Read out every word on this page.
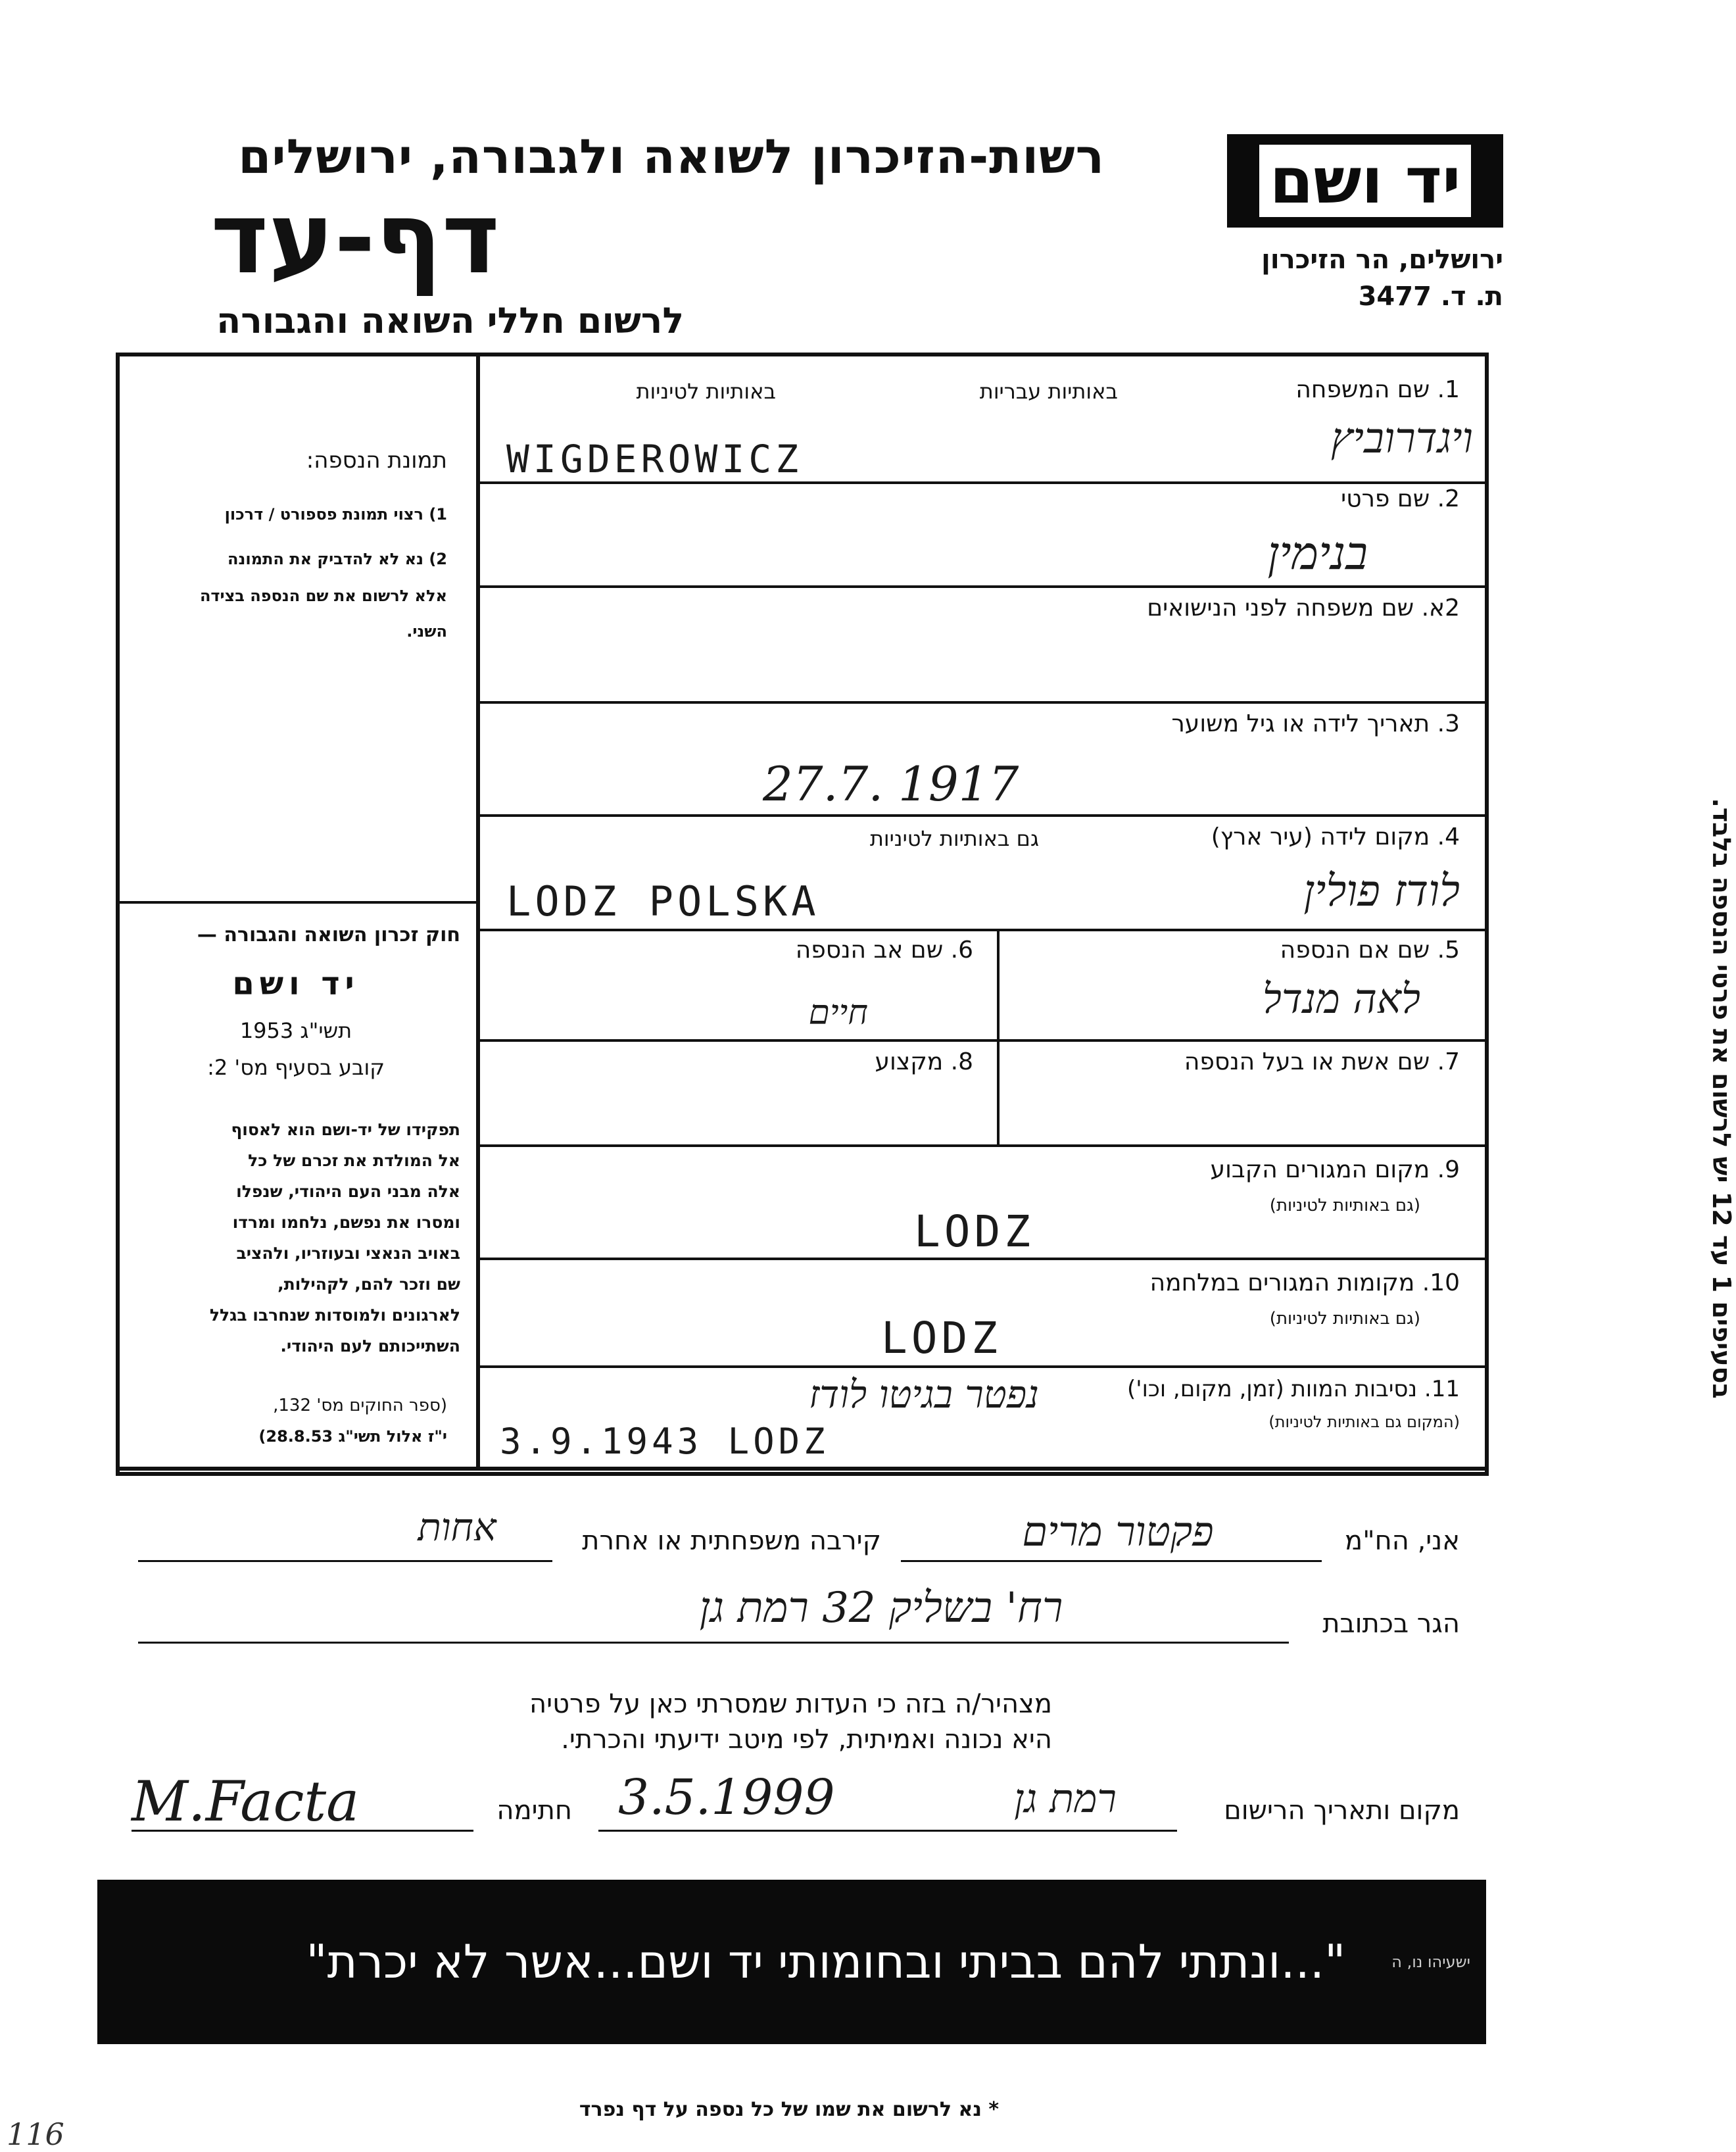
רשות-הזיכרון לשואה ולגבורה, ירושלים
דף-עד
לרשום חללי השואה והגבורה
יד ושם
ירושלים, הר הזיכרון
ת. ד. 3477
תמונת הנספה:
1) רצוי תמונת פספורט / דרכון
2) נא לא להדביק את התמונה
אלא לרשום את שם הנספה בצידה
השני.
חוק זכרון השואה והגבורה —
יד ושם
תשי"ג 1953
קובע בסעיף מס' 2:
תפקידו של יד-ושם הוא לאסוף
אל המולדת את זכרם של כל
אלה מבני העם היהודי, שנפלו
ומסרו את נפשם, נלחמו ומרדו
באויב הנאצי ובעוזריו, ולהציב
שם וזכר להם, לקהילות,
לארגונים ולמוסדות שנחרבו בגלל
השתייכותם לעם היהודי.
(ספר החוקים מס' 132,
י"ז אלול תשי"ג 28.8.53)
1. שם המשפחה
באותיות עבריות
באותיות לטיניות
ויגדרוביץ
WIGDEROWICZ
2. שם פרטי
בנימין
2א. שם משפחה לפני הנישואים
3. תאריך לידה או גיל משוער
27.7. 1917
4. מקום לידה (עיר ארץ)
גם באותיות לטיניות
לודז פולין
LODZ POLSKA
5. שם אם הנספה
לאה מנדל
6. שם אב הנספה
חיים
7. שם אשת או בעל הנספה
8. מקצוע
9. מקום המגורים הקבוע
(גם באותיות לטיניות)
LODZ
10. מקומות המגורים במלחמה
(גם באותיות לטיניות)
LODZ
11. נסיבות המוות (זמן, מקום, וכו')
(המקום גם באותיות לטיניות)
נפטר בגיטו לודז
3.9.1943 LODZ
בסעיפים 1 עד 12 יש לרשום את פרטי הנספה בלבד.
אני, הח"מ
פקטור מרים
קירבה משפחתית או אחרת
אחות
הגר בכתובת
רח' בשליק 32 רמת גן
מצהיר/ה בזה כי העדות שמסרתי כאן על פרטיה
היא נכונה ואמיתית, לפי מיטב ידיעתי והכרתי.
מקום ותאריך הרישום
3.5.1999	רמת גן
חתימה
M.Facta
"...ונתתי להם בביתי ובחומותי יד ושם...אשר לא יכרת"	ישעיהו נו, ה
* נא לרשום את שמו של כל נספה על דף נפרד
116
